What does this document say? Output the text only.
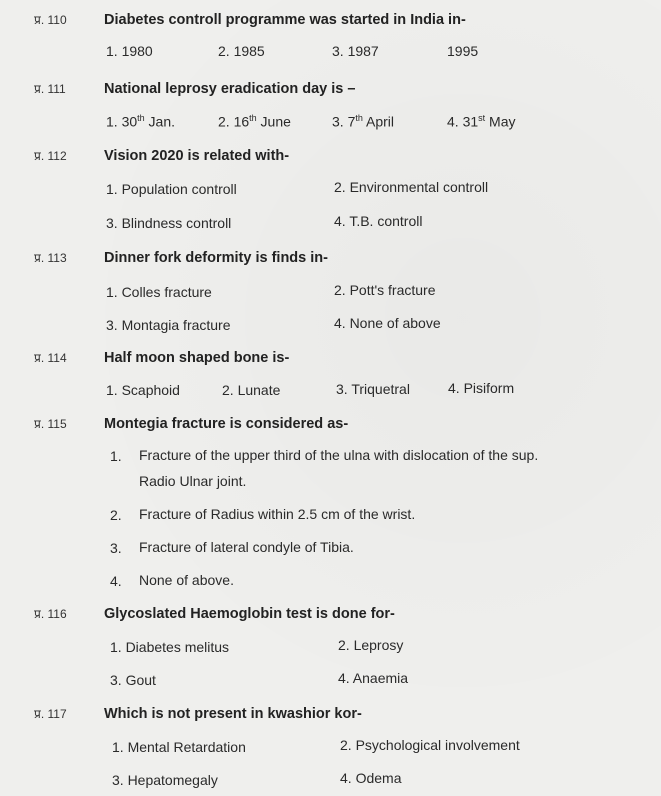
प्र. 110	Diabetes controll programme was started in India in-
1. 1980	2. 1985	3. 1987	1995
प्र. 111	National leprosy eradication day is –
1. 30th Jan.	2. 16th June	3. 7th April	4. 31st May
प्र. 112	Vision 2020 is related with-
1. Population controll	2. Environmental controll
3. Blindness controll	4. T.B. controll
प्र. 113	Dinner fork deformity is finds in-
1. Colles fracture	2. Pott's fracture
3. Montagia fracture	4. None of above
प्र. 114	Half moon shaped bone is-
1. Scaphoid	2. Lunate	3. Triquetral	4. Pisiform
प्र. 115	Montegia fracture is considered as-
1. Fracture of the upper third of the ulna with dislocation of the sup.
Radio Ulnar joint.
2. Fracture of Radius within 2.5 cm of the wrist.
3. Fracture of lateral condyle of Tibia.
4. None of above.
प्र. 116	Glycoslated Haemoglobin test is done for-
1. Diabetes melitus	2. Leprosy
3. Gout	4. Anaemia
प्र. 117	Which is not present in kwashior kor-
1. Mental Retardation	2. Psychological involvement
3. Hepatomegaly	4. Odema
